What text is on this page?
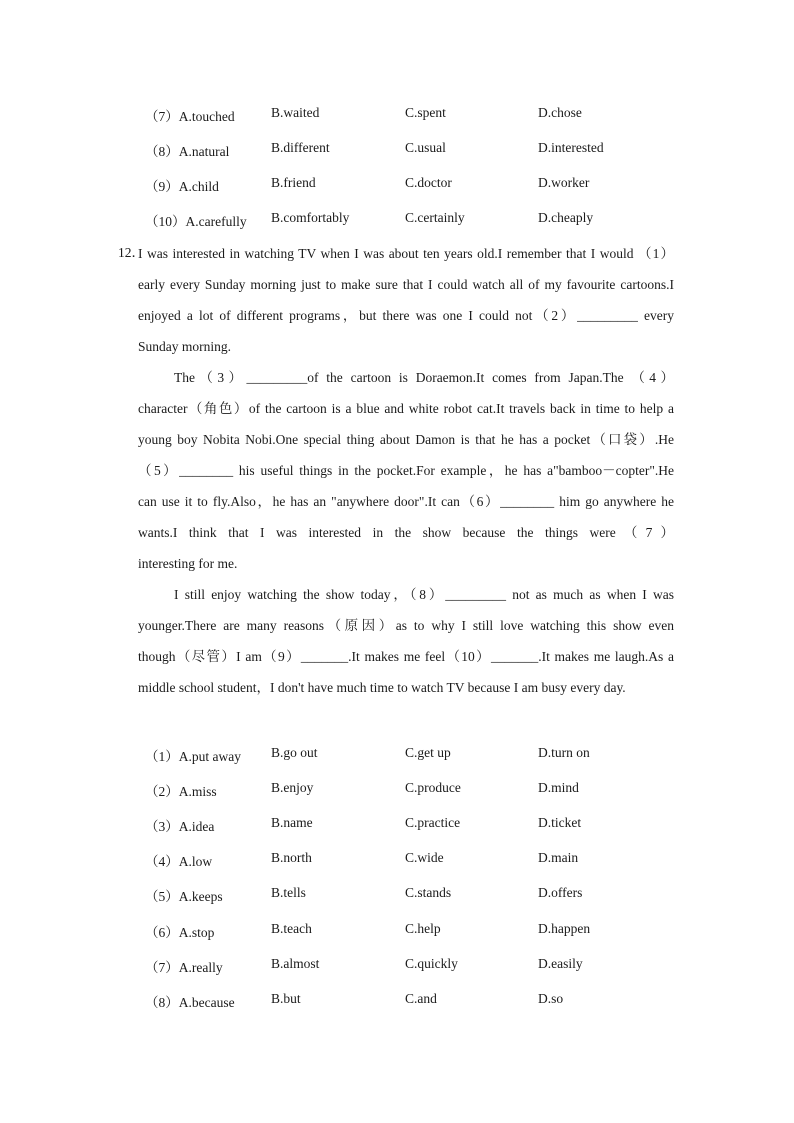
（7）A.touched	B.waited	C.spent	D.chose
（8）A.natural	B.different	C.usual	D.interested
（9）A.child	B.friend	C.doctor	D.worker
（10）A.carefully B.comfortably	C.certainly	D.cheaply
12．
I was interested in watching TV when I was about ten years old.I remember that I would （1）
early every Sunday morning just to make sure that I could watch all of my favourite cartoons.I
enjoyed a lot of different programs，but there was one I could not（2）_________ every
Sunday morning.
The（3）_________of the cartoon is Doraemon.It comes from Japan.The （4）
character（角色）of the cartoon is a blue and white robot cat.It travels back in time to help a
young boy Nobita Nobi.One special thing about Damon is that he has a pocket（口袋）.He
（5）________ his useful things in the pocket.For example，he has a"bamboo－copter".He
can use it to fly.Also，he has an "anywhere door".It can（6）________ him go anywhere he
wants.I think that I was interested in the show because the things were（7）
interesting for me.
I still enjoy watching the show today，（8）_________ not as much as when I was
younger.There are many reasons（原因）as to why I still love watching this show even
though（尽管）I am（9）_______.It makes me feel（10）_______.It makes me laugh.As a
middle school student，I don't have much time to watch TV because I am busy every day.
（1）A.put away B.go out	C.get up	D.turn on
（2）A.miss	B.enjoy	C.produce	D.mind
（3）A.idea	B.name	C.practice	D.ticket
（4）A.low	B.north	C.wide	D.main
（5）A.keeps	B.tells	C.stands	D.offers
（6）A.stop	B.teach	C.help	D.happen
（7）A.really	B.almost	C.quickly	D.easily
（8）A.because	B.but	C.and	D.so
